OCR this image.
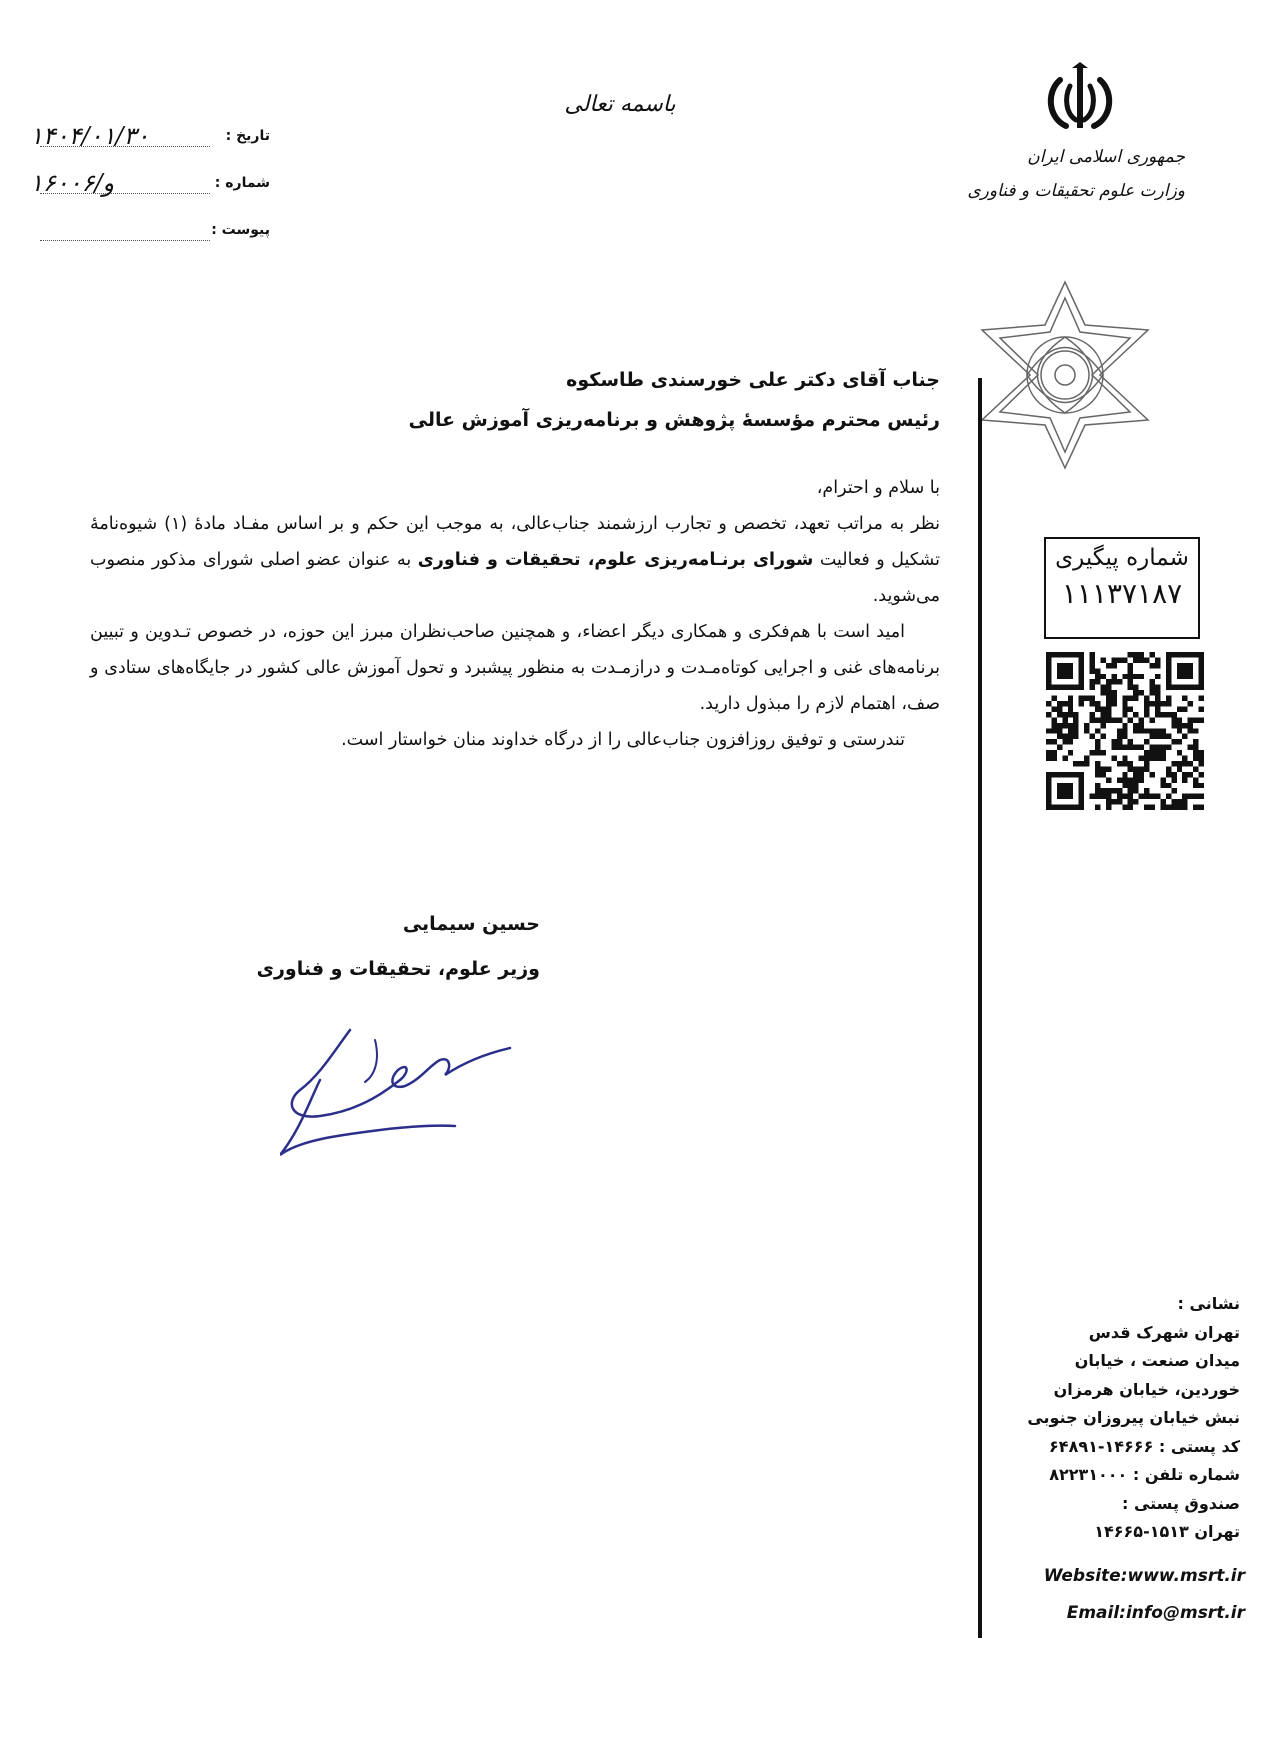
باسمه تعالی
تاریخ :
۱۴۰۴/۰۱/۳۰
شماره :
۱۶۰۰۶/و
پیوست :
جمهوری اسلامی ایران
وزارت علوم تحقیقات و فناوری
شماره پیگیری
۱۱۱۳۷۱۸۷
جناب آقای دکتر علی خورسندی طاسکوه
رئیس محترم مؤسسهٔ پژوهش و برنامه‌ریزی آموزش عالی
با سلام و احترام،

نظر به مراتب تعهد، تخصص و تجارب ارزشمند جناب‌عالی، به موجب این حکم و بر اساس مفـاد مادهٔ (۱) شیوه‌نامهٔ تشکیل و فعالیت شورای برنـامه‌ریزی علوم، تحقیقات و فناوری به عنوان عضو اصلی شورای مذکور منصوب می‌شوید.

امید است با هم‌فکری و همکاری دیگر اعضاء، و همچنین صاحب‌نظران مبرز این حوزه، در خصوص تـدوین و تبیین برنامه‌های غنی و اجرایی کوتاه‌مـدت و درازمـدت به منظور پیشبرد و تحول آموزش عالی کشور در جایگاه‌های ستادی و صف، اهتمام لازم را مبذول دارید.

تندرستی و توفیق روزافزون جناب‌عالی را از درگاه خداوند منان خواستار است.

حسین سیمایی
وزیر علوم، تحقیقات و فناوری
نشانی :
تهران شهرک قدس
میدان صنعت ، خیابان
خوردین، خیابان هرمزان
نبش خیابان پیروزان جنوبی
کد پستی : ۱۴۶۶۶-۶۴۸۹۱
شماره تلفن : ۸۲۲۳۱۰۰۰
صندوق پستی :
تهران ۱۵۱۳-۱۴۶۶۵
Website:www.msrt.ir
Email:info@msrt.ir
